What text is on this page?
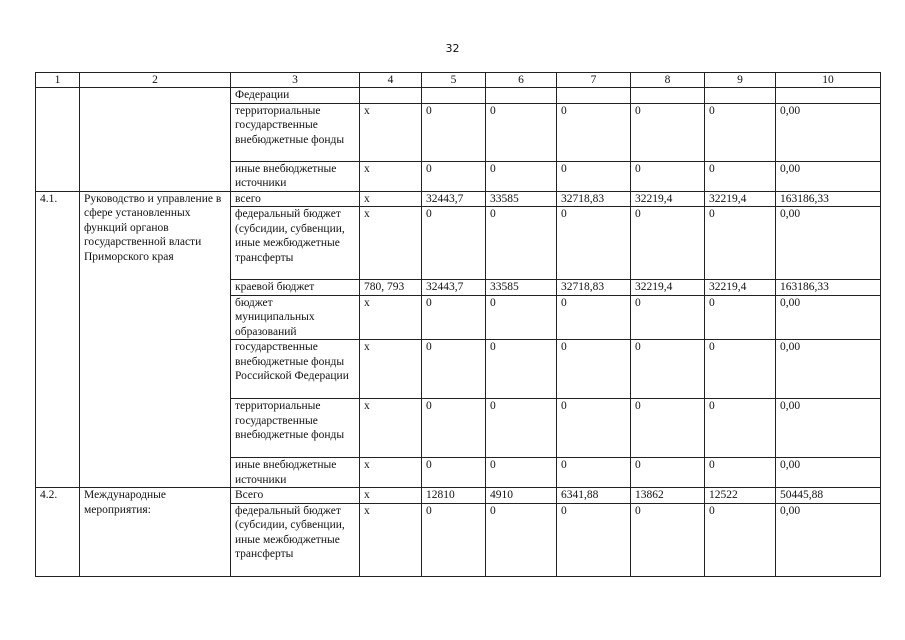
32
1	2	3	4	5	6	7	8	9	10
		Федерации							
		территориальные государственные внебюджетные фонды	х	0	0	0	0	0	0,00
		иные внебюджетные источники	х	0	0	0	0	0	0,00
4.1.	Руководство и управление в сфере установленных функций органов государственной власти Приморского края	всего	х	32443,7	33585	32718,83	32219,4	32219,4	163186,33
		федеральный бюджет (субсидии, субвенции, иные межбюджетные трансферты	х	0	0	0	0	0	0,00
		краевой бюджет	780, 793	32443,7	33585	32718,83	32219,4	32219,4	163186,33
		бюджет муниципальных образований	х	0	0	0	0	0	0,00
		государственные внебюджетные фонды Российской Федерации	х	0	0	0	0	0	0,00
		территориальные государственные внебюджетные фонды	х	0	0	0	0	0	0,00
		иные внебюджетные источники	х	0	0	0	0	0	0,00
4.2.	Международные мероприятия:	Всего	х	12810	4910	6341,88	13862	12522	50445,88
		федеральный бюджет (субсидии, субвенции, иные межбюджетные трансферты	х	0	0	0	0	0	0,00
